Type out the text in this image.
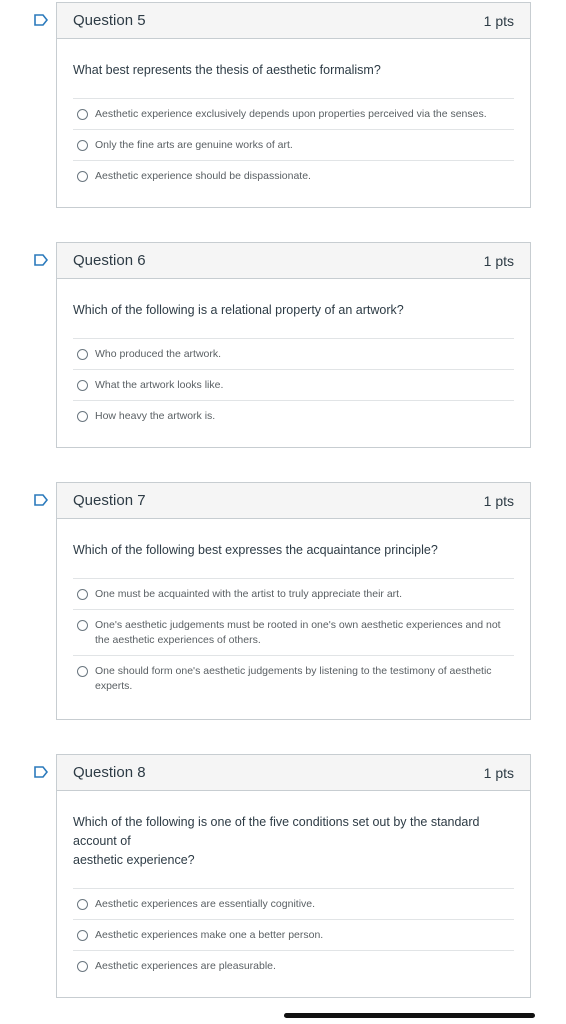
Question 5	1 pts

What best represents the thesis of aesthetic formalism?

Aesthetic experience exclusively depends upon properties perceived via the senses.
Only the fine arts are genuine works of art.
Aesthetic experience should be dispassionate.
Question 6	1 pts

Which of the following is a relational property of an artwork?

Who produced the artwork.
What the artwork looks like.
How heavy the artwork is.
Question 7	1 pts

Which of the following best expresses the acquaintance principle?

One must be acquainted with the artist to truly appreciate their art.
One's aesthetic judgements must be rooted in one's own aesthetic experiences and not the aesthetic experiences of others.
One should form one's aesthetic judgements by listening to the testimony of aesthetic experts.
Question 8	1 pts

Which of the following is one of the five conditions set out by the standard account of
aesthetic experience?

Aesthetic experiences are essentially cognitive.
Aesthetic experiences make one a better person.
Aesthetic experiences are pleasurable.
